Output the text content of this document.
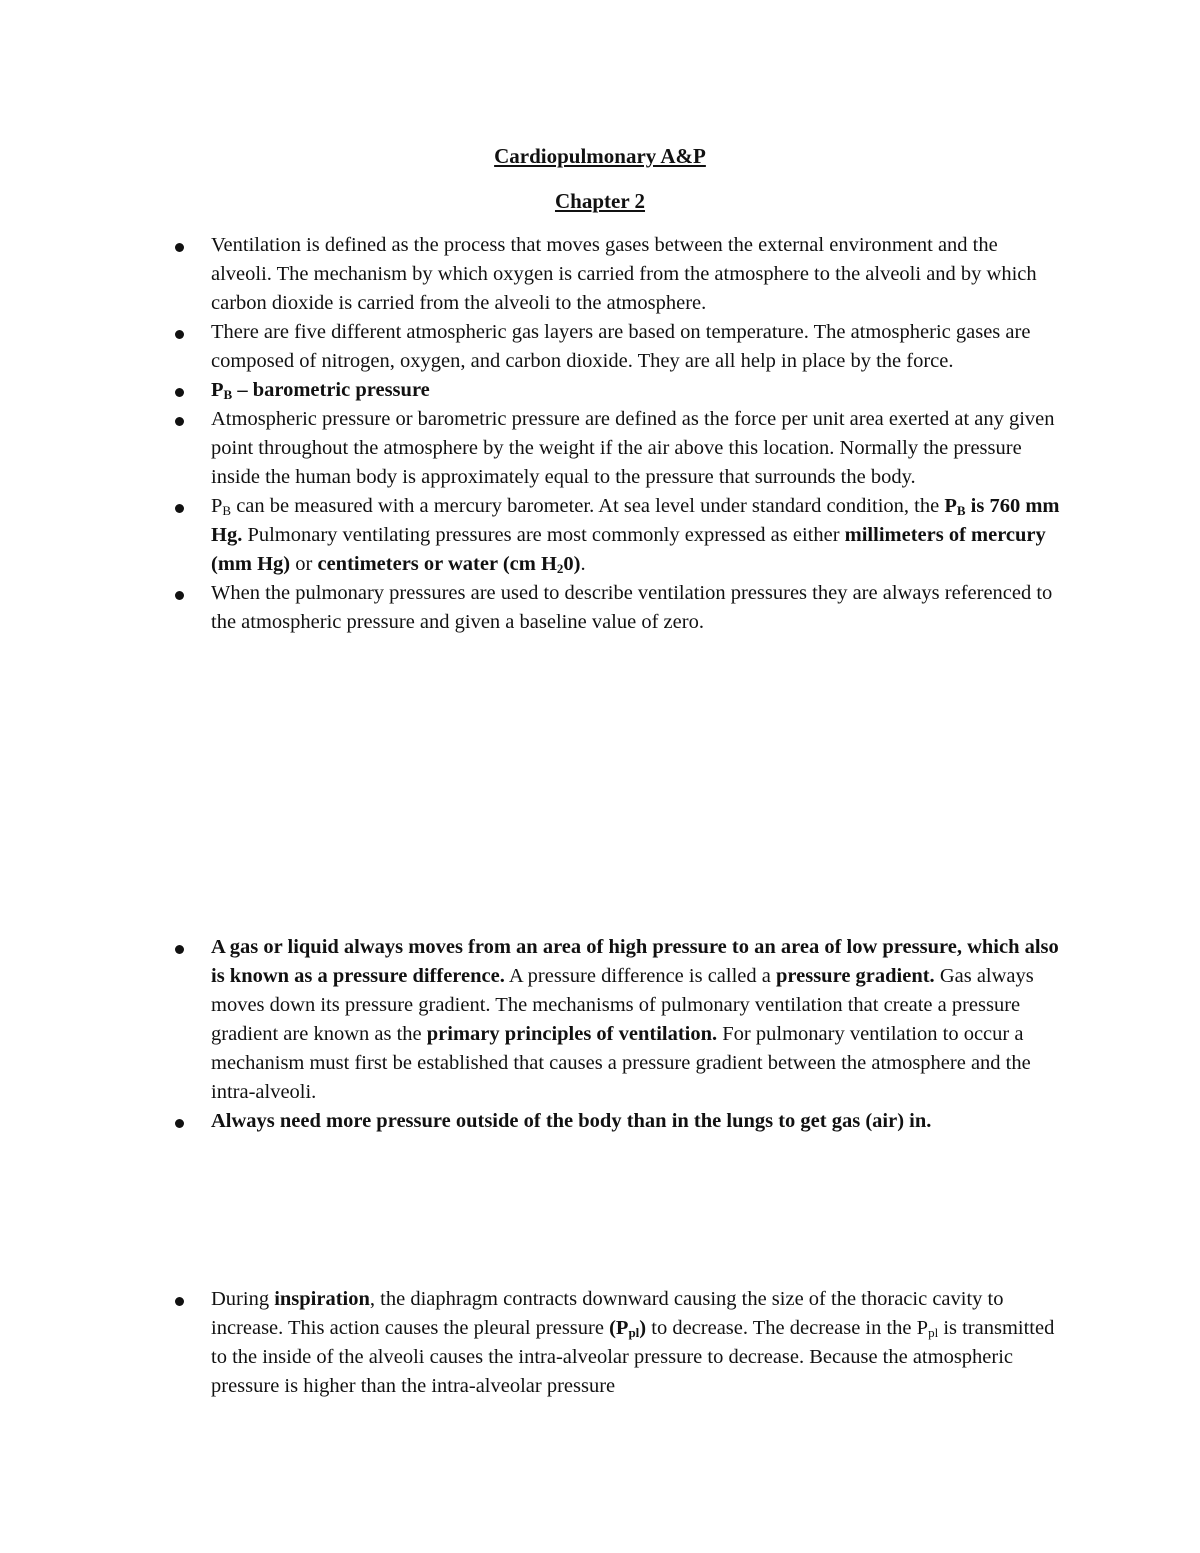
Cardiopulmonary A&P
Chapter 2
Ventilation is defined as the process that moves gases between the external environment and the alveoli. The mechanism by which oxygen is carried from the atmosphere to the alveoli and by which carbon dioxide is carried from the alveoli to the atmosphere.
There are five different atmospheric gas layers are based on temperature. The atmospheric gases are composed of nitrogen, oxygen, and carbon dioxide. They are all help in place by the force.
$P_B$ – barometric pressure
Atmospheric pressure or barometric pressure are defined as the force per unit area exerted at any given point throughout the atmosphere by the weight if the air above this location. Normally the pressure inside the human body is approximately equal to the pressure that surrounds the body.
$P_B$ can be measured with a mercury barometer. At sea level under standard condition, the $P_B$ is 760 mm Hg. Pulmonary ventilating pressures are most commonly expressed as either millimeters of mercury (mm Hg) or centimeters or water (cm $H_20$).
When the pulmonary pressures are used to describe ventilation pressures they are always referenced to the atmospheric pressure and given a baseline value of zero.
A gas or liquid always moves from an area of high pressure to an area of low pressure, which also is known as a pressure difference. A pressure difference is called a pressure gradient. Gas always moves down its pressure gradient. The mechanisms of pulmonary ventilation that create a pressure gradient are known as the primary principles of ventilation. For pulmonary ventilation to occur a mechanism must first be established that causes a pressure gradient between the atmosphere and the intra-alveoli.
Always need more pressure outside of the body than in the lungs to get gas (air) in.
During inspiration, the diaphragm contracts downward causing the size of the thoracic cavity to increase. This action causes the pleural pressure $(P_{pl})$ to decrease. The decrease in the $P_{pl}$ is transmitted to the inside of the alveoli causes the intra-alveolar pressure to decrease. Because the atmospheric pressure is higher than the intra-alveolar pressure
